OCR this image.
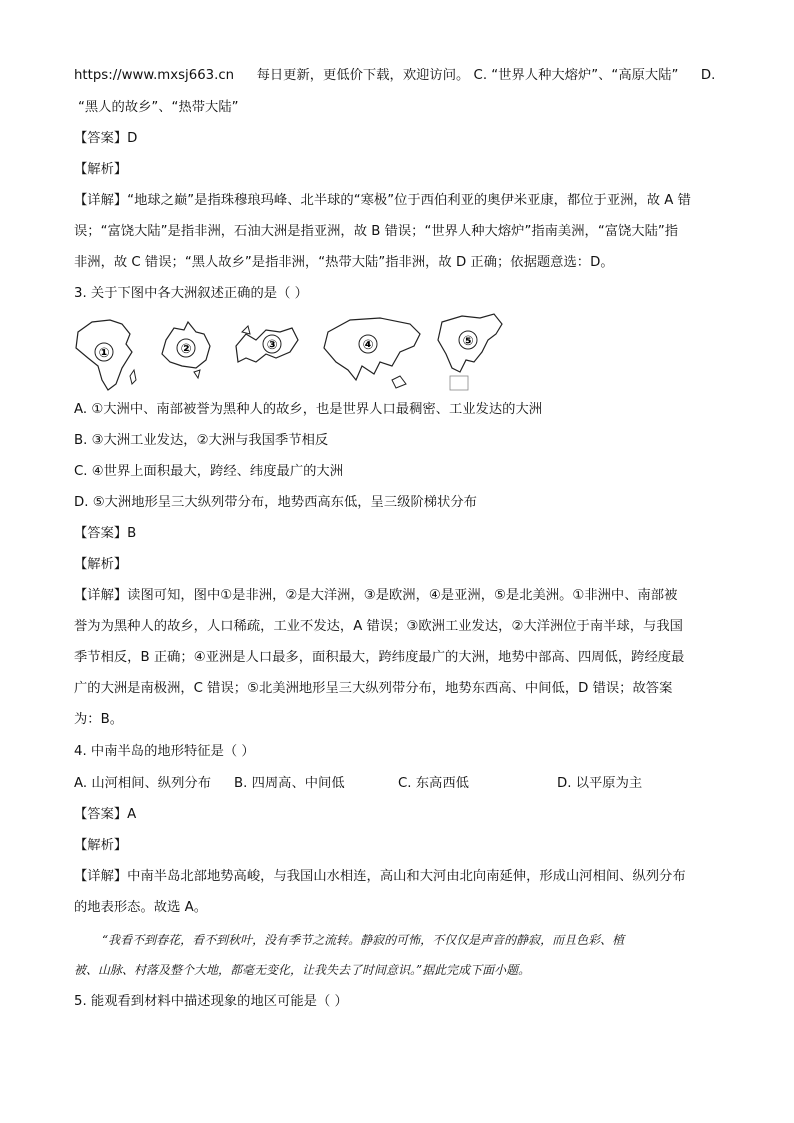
https://www.mxsj663.cn 每日更新，更低价下载，欢迎访问。 C. “世界人种大熔炉”、“高原大陆” D.
“黑人的故乡”、“热带大陆”
【答案】D
【解析】
【详解】“地球之巅”是指珠穆琅玛峰、北半球的“寒极”位于西伯利亚的奥伊米亚康，都位于亚洲，故 A 错
误；“富饶大陆”是指非洲，石油大洲是指亚洲，故 B 错误；“世界人种大熔炉”指南美洲，“富饶大陆”指
非洲，故 C 错误；“黑人故乡”是指非洲，“热带大陆”指非洲，故 D 正确；依据题意选：D。
3. 关于下图中各大洲叙述正确的是（ ）
①	②	③	④	⑤
A. ①大洲中、南部被誉为黑种人的故乡，也是世界人口最稠密、工业发达的大洲
B. ③大洲工业发达，②大洲与我国季节相反
C. ④世界上面积最大，跨经、纬度最广的大洲
D. ⑤大洲地形呈三大纵列带分布，地势西高东低，呈三级阶梯状分布
【答案】B
【解析】
【详解】读图可知，图中①是非洲，②是大洋洲，③是欧洲，④是亚洲，⑤是北美洲。①非洲中、南部被
誉为为黑种人的故乡，人口稀疏，工业不发达，A 错误；③欧洲工业发达，②大洋洲位于南半球，与我国
季节相反，B 正确；④亚洲是人口最多，面积最大，跨纬度最广的大洲，地势中部高、四周低，跨经度最
广的大洲是南极洲，C 错误；⑤北美洲地形呈三大纵列带分布，地势东西高、中间低，D 错误；故答案
为：B。
4. 中南半岛的地形特征是（ ）
A. 山河相间、纵列分布 B. 四周高、中间低	C. 东高西低	D. 以平原为主
【答案】A
【解析】
【详解】中南半岛北部地势高峻，与我国山水相连，高山和大河由北向南延伸，形成山河相间、纵列分布
的地表形态。故选 A。
“我看不到春花，看不到秋叶，没有季节之流转。静寂的可怖，不仅仅是声音的静寂，而且色彩、植
被、山脉、村落及整个大地，都毫无变化，让我失去了时间意识。”据此完成下面小题。
5. 能观看到材料中描述现象的地区可能是（ ）
